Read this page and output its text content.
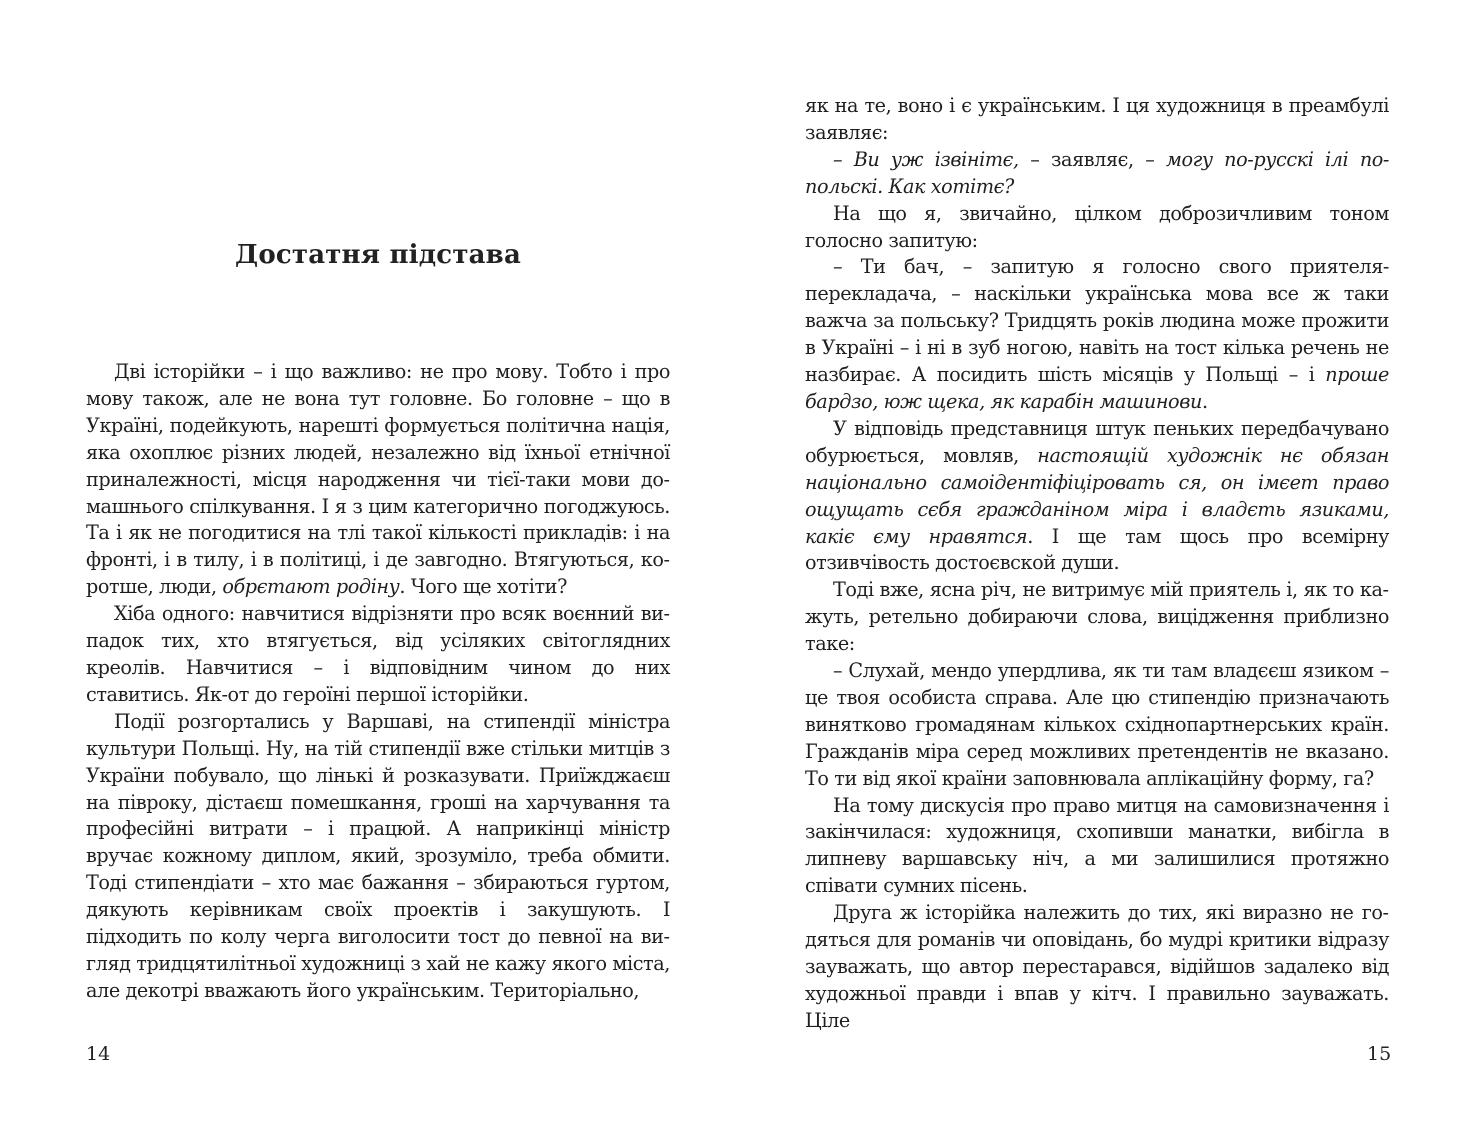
Достатня підстава

Дві історійки – і що важливо: не про мову. Тобто і про мову також, але не вона тут головне. Бо головне – що в Україні, подейкують, нарешті формується політична нація, яка охоплює різних людей, незалежно від їхньої етнічної приналежності, місця народження чи тієї-таки мови домашнього спілкування. І я з цим категорично погоджуюсь. Та і як не погодитися на тлі такої кількості прикладів: і на фронті, і в тилу, і в політиці, і де завгодно. Втягуються, коротше, люди, обрєтают родіну. Чого ще хотіти?

Хіба одного: навчитися відрізняти про всяк воєнний випадок тих, хто втягується, від усіляких світоглядних креолів. Навчитися – і відповідним чином до них ставитись. Як-от до героїні першої історійки.

Події розгортались у Варшаві, на стипендії міністра культури Польщі. Ну, на тій стипендії вже стільки митців з України побувало, що лінькі й розказувати. Приїжджаєш на півроку, дістаєш помешкання, гроші на харчування та професійні витрати – і працюй. А наприкінці міністр вручає кожному диплом, який, зрозуміло, треба обмити. Тоді стипендіати – хто має бажання – збираються гуртом, дякують керівникам своїх проектів і закушують. І підходить по колу черга виголосити тост до певної на вигляд тридцятилітньої художниці з хай не кажу якого міста, але декотрі вважають його українським. Територіально,

14

як на те, воно і є українським. І ця художниця в преамбулі заявляє:

– Ви уж ізвінітє, – заявляє, – могу по-русскі ілі по-польскі. Как хотітє?

На що я, звичайно, цілком доброзичливим тоном голосно запитую:

– Ти бач, – запитую я голосно свого приятеля-перекладача, – наскільки українська мова все ж таки важча за польську? Тридцять років людина може прожити в Україні – і ні в зуб ногою, навіть на тост кілька речень не назбирає. А посидить шість місяців у Польщі – і проше бардзо, юж щека, як карабін машинови.

У відповідь представниця штук пеньких передбачувано обурюється, мовляв, настоящій художнік нє обязан національно самоідентіфіціровать ся, он імєет право ощущать сєбя гражданіном міра і владєть язиками, какіє єму нравятся. І ще там щось про всемірну отзивчівость достоєвской души.

Тоді вже, ясна річ, не витримує мій приятель і, як то кажуть, ретельно добираючи слова, вицідження приблизно таке:

– Слухай, мендо упердлива, як ти там владєєш язиком – це твоя особиста справа. Але цю стипендію призначають винятково громадянам кількох східнопартнерських країн. Гражданів міра серед можливих претендентів не вказано. То ти від якої країни заповнювала аплікаційну форму, га?

На тому дискусія про право митця на самовизначення і закінчилася: художниця, схопивши манатки, вибігла в липневу варшавську ніч, а ми залишилися протяжно співати сумних пісень.

Друга ж історійка належить до тих, які виразно не годяться для романів чи оповідань, бо мудрі критики відразу зауважать, що автор перестарався, відійшов задалеко від художньої правди і впав у кітч. І правильно зауважать. Ціле

15
